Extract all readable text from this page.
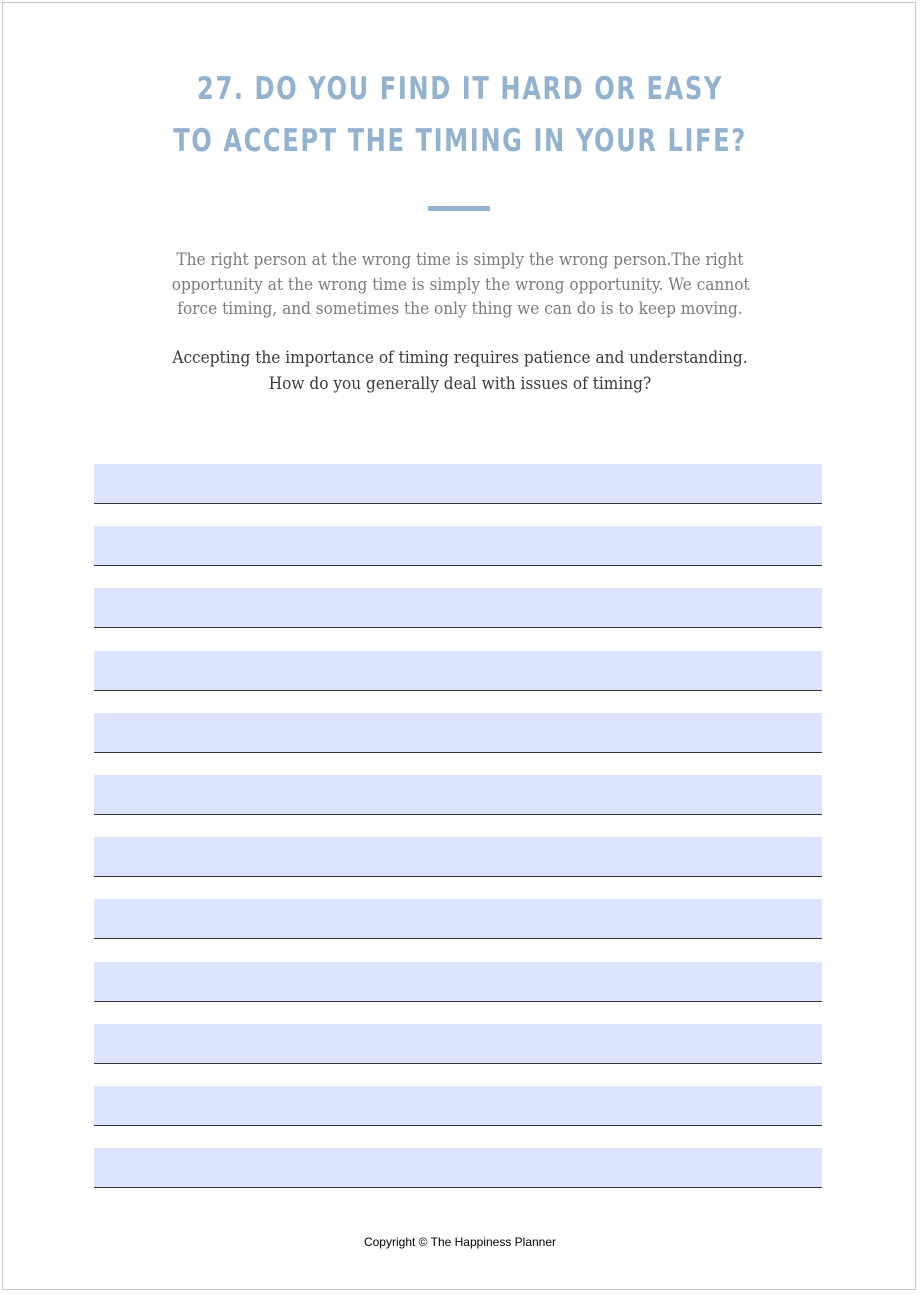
27. DO YOU FIND IT HARD OR EASY
TO ACCEPT THE TIMING IN YOUR LIFE?
The right person at the wrong time is simply the wrong person.The right
opportunity at the wrong time is simply the wrong opportunity. We cannot
force timing, and sometimes the only thing we can do is to keep moving.
Accepting the importance of timing requires patience and understanding.
How do you generally deal with issues of timing?
Copyright © The Happiness Planner
